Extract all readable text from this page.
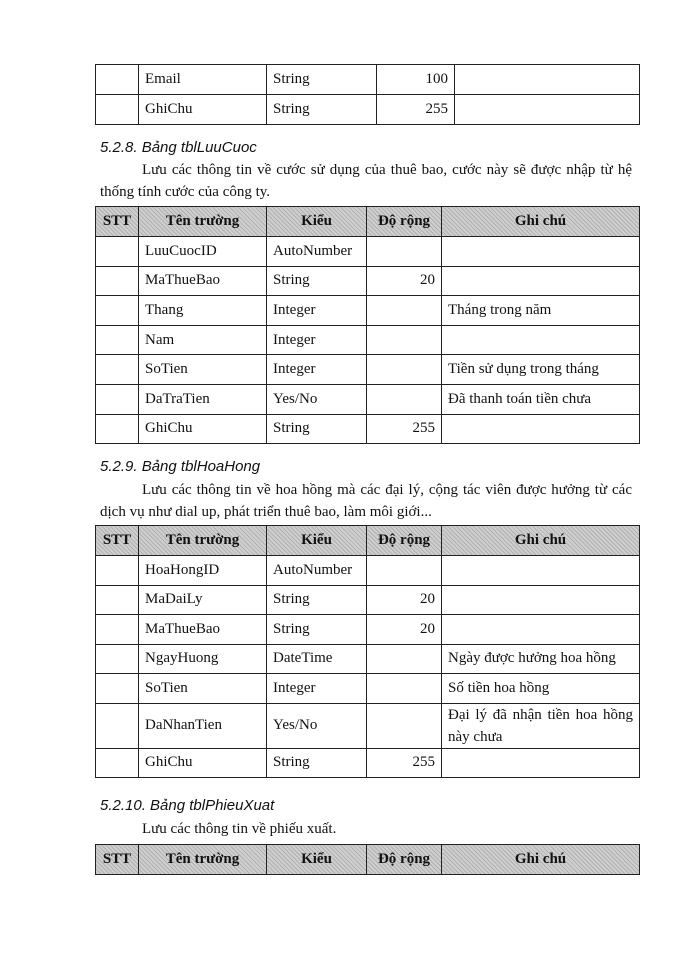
	Email	String	100	
	GhiChu	String	255	
5.2.8. Bảng tblLuuCuoc
Lưu các thông tin về cước sử dụng của thuê bao, cước này sẽ được nhập từ hệ thống tính cước của công ty.
STT	Tên trường	Kiểu	Độ rộng	Ghi chú
	LuuCuocID	AutoNumber		
	MaThueBao	String	20	
	Thang	Integer		Tháng trong năm
	Nam	Integer		
	SoTien	Integer		Tiền sử dụng trong tháng
	DaTraTien	Yes/No		Đã thanh toán tiền chưa
	GhiChu	String	255	
5.2.9. Bảng tblHoaHong
Lưu các thông tin về hoa hồng mà các đại lý, cộng tác viên được hưởng từ các dịch vụ như dial up, phát triển thuê bao, làm môi giới...
STT	Tên trường	Kiểu	Độ rộng	Ghi chú
	HoaHongID	AutoNumber		
	MaDaiLy	String	20	
	MaThueBao	String	20	
	NgayHuong	DateTime		Ngày được hưởng hoa hồng
	SoTien	Integer		Số tiền hoa hồng
	DaNhanTien	Yes/No		Đại lý đã nhận tiền hoa hồng này chưa
	GhiChu	String	255	
5.2.10. Bảng tblPhieuXuat
Lưu các thông tin về phiếu xuất.
STT	Tên trường	Kiểu	Độ rộng	Ghi chú
